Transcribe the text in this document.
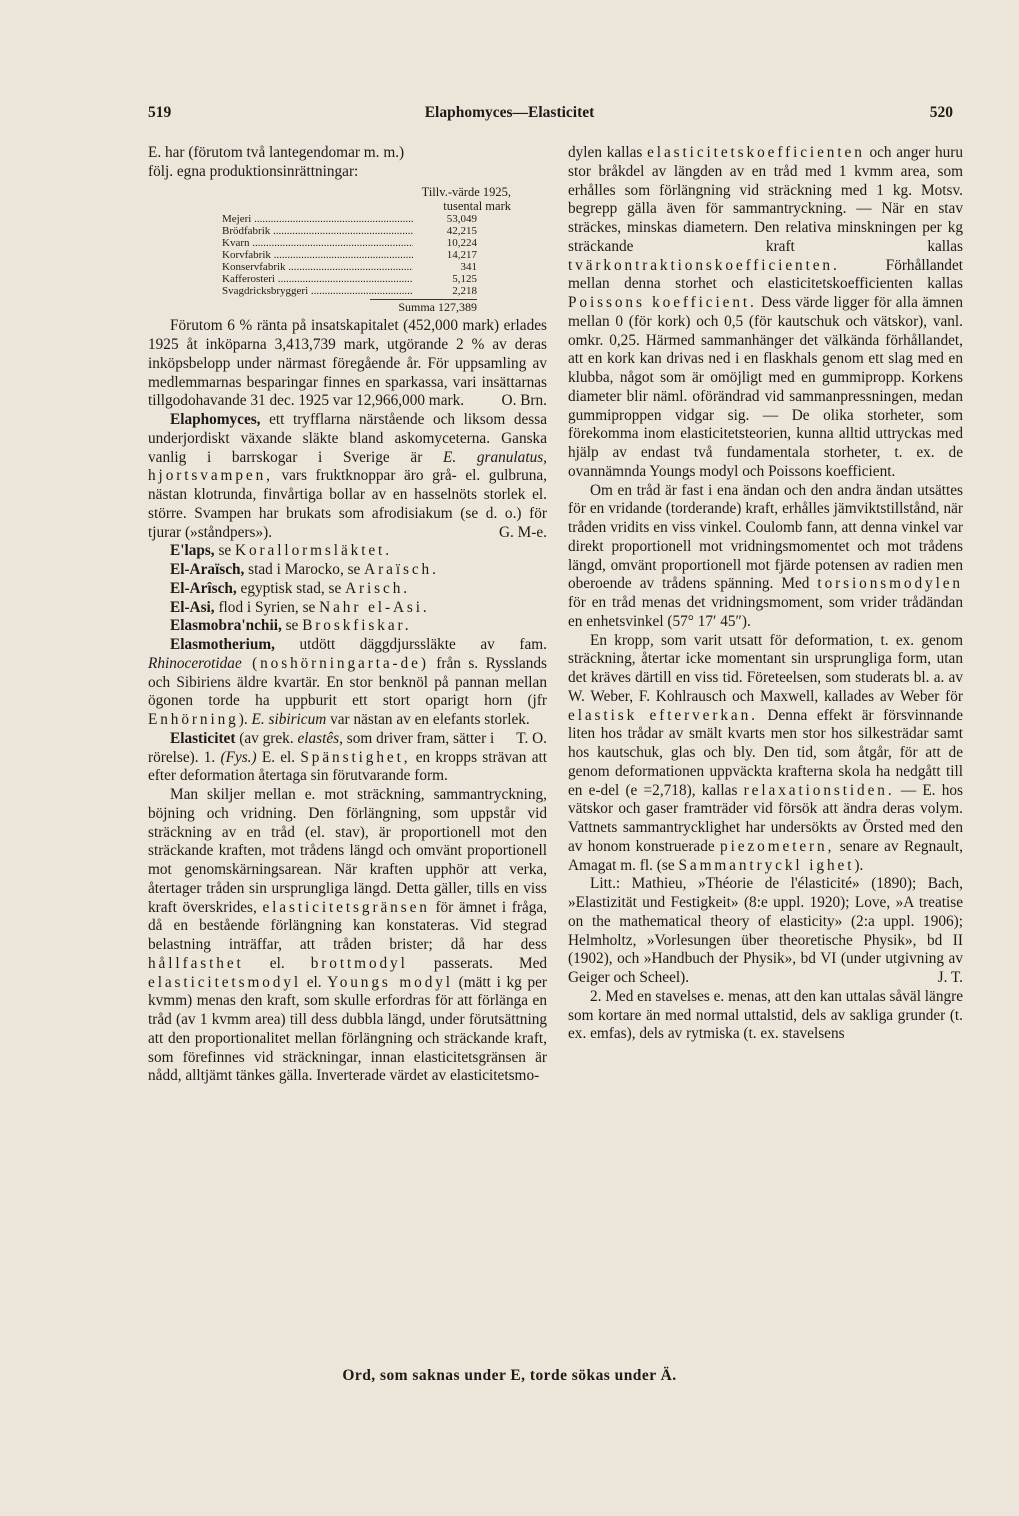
519	Elaphomyces—Elasticitet	520

E. har (förutom två lantegendomar m. m.)

följ. egna produktionsinrättningar:

Tillv.-värde 1925,
tusental mark
Mejeri .....	53,049
Brödfabrik .....	42,215
Kvarn .....	10,224
Korvfabrik .....	14,217
Konservfabrik .....	341
Kafferosteri .....	5,125
Svagdricksbryggeri .....	2,218
Summa 127,389

Förutom 6 % ränta på insatskapitalet (452,000 mark) erlades 1925 åt inköparna 3,413,739 mark, utgörande 2 % av deras inköpsbelopp under närmast föregående år. För uppsamling av medlemmarnas besparingar finnes en sparkassa, vari insättarnas tillgodohavande 31 dec. 1925 var 12,966,000 mark.	O. Brn.

Elaphomyces, ett tryfflarna närstående och liksom dessa underjordiskt växande släkte bland askomyceterna. Ganska vanlig i barrskogar i Sverige är E. granulatus, hjortsvampen, vars fruktknoppar äro grå- el. gulbruna, nästan klotrunda, finvårtiga bollar av en hasselnöts storlek el. större. Svampen har brukats som afrodisiakum (se d. o.) för tjurar (»ståndpers»).	G. M-e.

E'laps, se Korallormsläktet.

El-Araïsch, stad i Marocko, se Araïsch.

El-Arîsch, egyptisk stad, se Arisch.

El-Asi, flod i Syrien, se Nahr el-Asi.

Elasmobra'nchii, se Broskfiskar.

Elasmotherium, utdött däggdjurssläkte av fam. Rhinocerotidae (noshörningarta-de) från s. Rysslands och Sibiriens äldre kvartär. En stor benknöl på pannan mellan ögonen torde ha uppburit ett stort oparigt horn (jfr Enhörning). E. sibiricum var nästan av en elefants storlek.
T. O.

Elasticitet (av grek. elastês, som driver fram, sätter i rörelse). 1. (Fys.) E. el. Spänstighet, en kropps strävan att efter deformation återtaga sin förutvarande form.

Man skiljer mellan e. mot sträckning, sammantryckning, böjning och vridning. Den förlängning, som uppstår vid sträckning av en tråd (el. stav), är proportionell mot den sträckande kraften, mot trådens längd och omvänt proportionell mot genomskärningsarean. När kraften upphör att verka, återtager tråden sin ursprungliga längd. Detta gäller, tills en viss kraft överskrides, elasticitetsgränsen för ämnet i fråga, då en bestående förlängning kan konstateras. Vid stegrad belastning inträffar, att tråden brister; då har dess hållfasthet el. brottmodyl passerats. Med elasticitetsmodyl el. Youngs modyl (mätt i kg per kvmm) menas den kraft, som skulle erfordras för att förlänga en tråd (av 1 kvmm area) till dess dubbla längd, under förutsättning att den proportionalitet mellan förlängning och sträckande kraft, som förefinnes vid sträckningar, innan elasticitetsgränsen är nådd, alltjämt tänkes gälla. Inverterade värdet av elasticitetsmo-

dylen kallas elasticitetskoefficienten och anger huru stor bråkdel av längden av en tråd med 1 kvmm area, som erhålles som förlängning vid sträckning med 1 kg. Motsv. begrepp gälla även för sammantryckning. — När en stav sträckes, minskas diametern. Den relativa minskningen per kg sträckande kraft kallas tvärkontraktionskoefficienten. Förhållandet mellan denna storhet och elasticitetskoefficienten kallas Poissons koefficient. Dess värde ligger för alla ämnen mellan 0 (för kork) och 0,5 (för kautschuk och vätskor), vanl. omkr. 0,25. Härmed sammanhänger det välkända förhållandet, att en kork kan drivas ned i en flaskhals genom ett slag med en klubba, något som är omöjligt med en gummipropp. Korkens diameter blir näml. oförändrad vid sammanpressningen, medan gummiproppen vidgar sig. — De olika storheter, som förekomma inom elasticitetsteorien, kunna alltid uttryckas med hjälp av endast två fundamentala storheter, t. ex. de ovannämnda Youngs modyl och Poissons koefficient.

Om en tråd är fast i ena ändan och den andra ändan utsättes för en vridande (torderande) kraft, erhålles jämviktstillstånd, när tråden vridits en viss vinkel. Coulomb fann, att denna vinkel var direkt proportionell mot vridningsmomentet och mot trådens längd, omvänt proportionell mot fjärde potensen av radien men oberoende av trådens spänning. Med torsionsmodylen för en tråd menas det vridningsmoment, som vrider trådändan en enhetsvinkel (57° 17′ 45″).

En kropp, som varit utsatt för deformation, t. ex. genom sträckning, återtar icke momentant sin ursprungliga form, utan det kräves därtill en viss tid. Företeelsen, som studerats bl. a. av W. Weber, F. Kohlrausch och Maxwell, kallades av Weber för elastisk efterverkan. Denna effekt är försvinnande liten hos trådar av smält kvarts men stor hos silkesträdar samt hos kautschuk, glas och bly. Den tid, som åtgår, för att de genom deformationen uppväckta krafterna skola ha nedgått till en e-del (e =2,718), kallas relaxationstiden. — E. hos vätskor och gaser framträder vid försök att ändra deras volym. Vattnets sammantrycklighet har undersökts av Örsted med den av honom konstruerade piezometern, senare av Regnault, Amagat m. fl. (se Sammantryckl ighet).

Litt.: Mathieu, »Théorie de l'élasticité» (1890); Bach, »Elastizität und Festigkeit» (8:e uppl. 1920); Love, »A treatise on the mathematical theory of elasticity» (2:a uppl. 1906); Helmholtz, »Vorlesungen über theoretische Physik», bd II (1902), och »Handbuch der Physik», bd VI (under utgivning av Geiger och Scheel).	J. T.

2. Med en stavelses e. menas, att den kan uttalas såväl längre som kortare än med normal uttalstid, dels av sakliga grunder (t. ex. emfas), dels av rytmiska (t. ex. stavelsens

Ord, som saknas under E, torde sökas under Ä.
